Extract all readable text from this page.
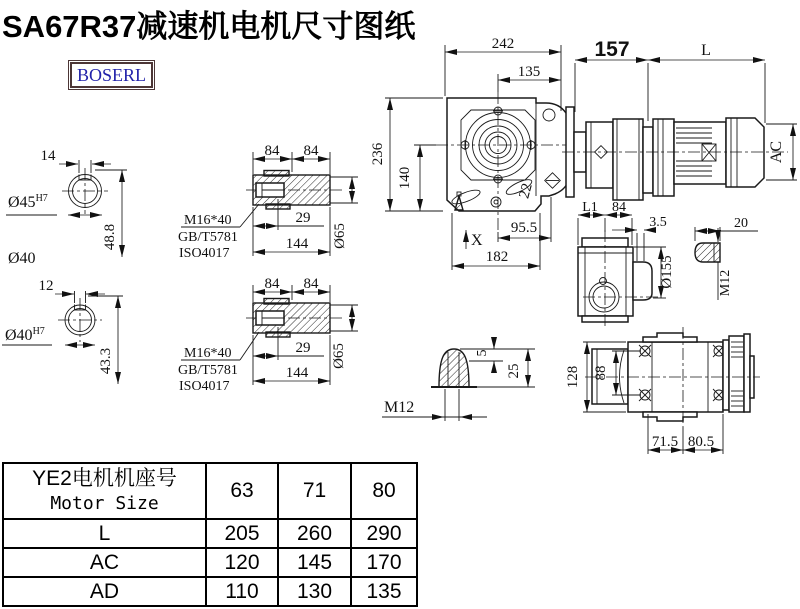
SA67R37减速机电机尺寸图纸
BOSERL
14
$Ø45^{H7}$
48.8
Ø40
12
$Ø40^{H7}$
43.3
84 84
29
144 Ø65
M16*40
GB/T5781
ISO4017
84 84
29
144
Ø65
M16*40
GB/T5781
ISO4017
22
242
135
157	L
236
140
95.5
182
X
AC
L1 84
3.5
Ø155
20
M12
5
25
M12
128 88
71.5 80.5
YE2电机机座号
Motor Size	63	71	80
L	205	260	290
AC	120	145	170
AD	110	130	135
